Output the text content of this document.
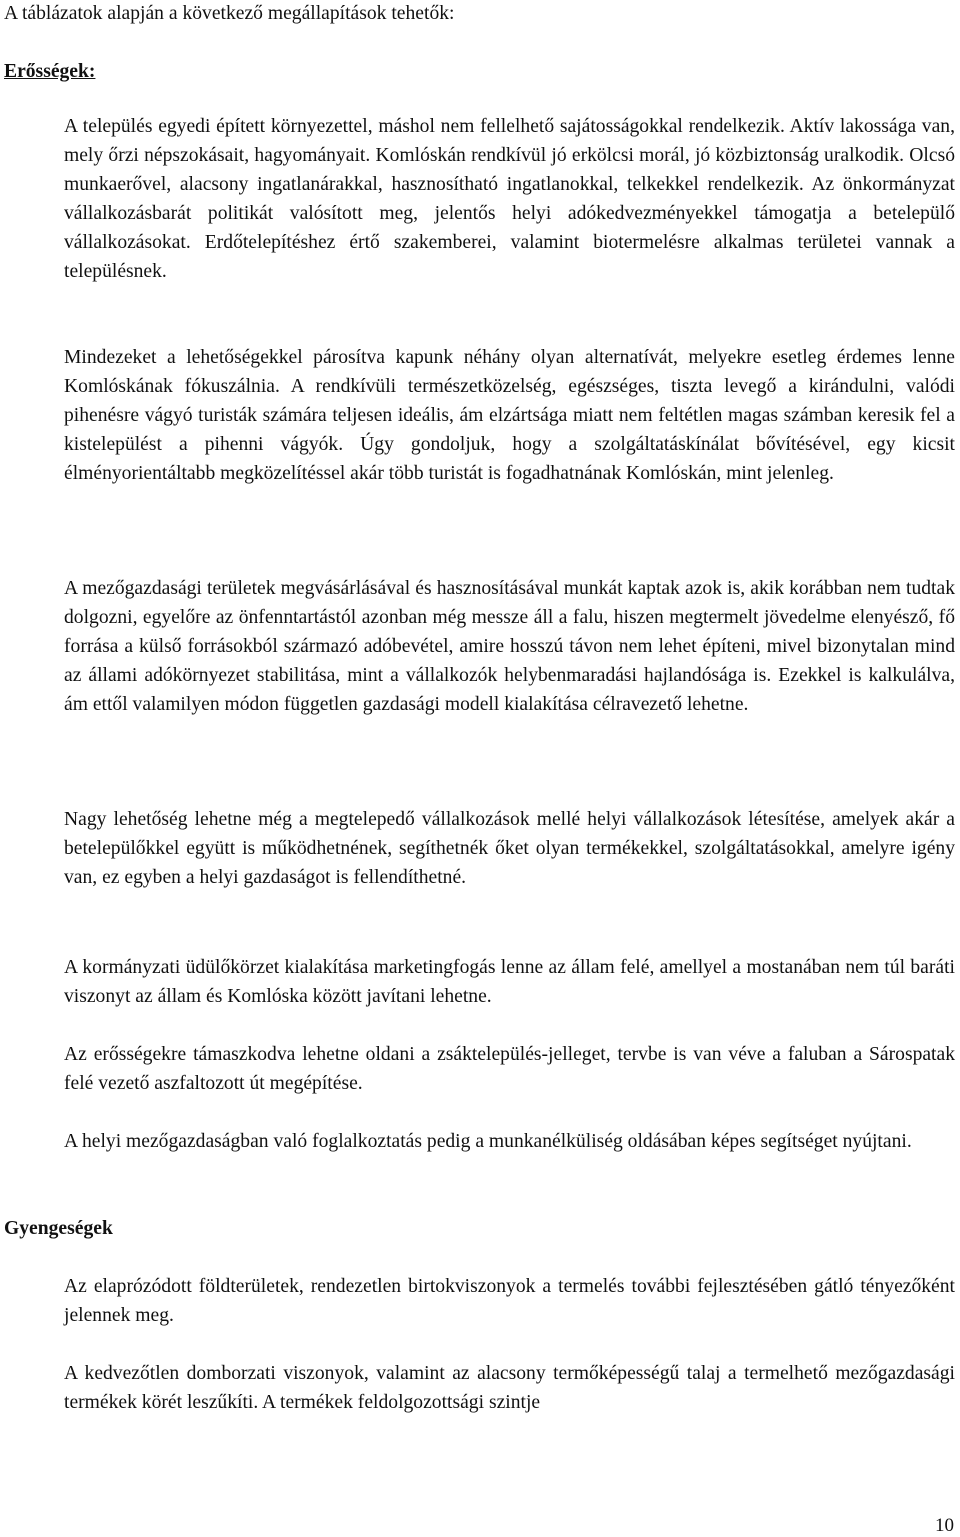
A táblázatok alapján a következő megállapítások tehetők:

Erősségek:

A település egyedi épített környezettel, máshol nem fellelhető sajátosságokkal rendelkezik. Aktív lakossága van, mely őrzi népszokásait, hagyományait. Komlóskán rendkívül jó erkölcsi morál, jó közbiztonság uralkodik. Olcsó munkaerővel, alacsony ingatlanárakkal, hasznosítható ingatlanokkal, telkekkel rendelkezik. Az önkormányzat vállalkozásbarát politikát valósított meg, jelentős helyi adókedvezményekkel támogatja a betelepülő vállalkozásokat. Erdőtelepítéshez értő szakemberei, valamint biotermelésre alkalmas területei vannak a településnek.

Mindezeket a lehetőségekkel párosítva kapunk néhány olyan alternatívát, melyekre esetleg érdemes lenne Komlóskának fókuszálnia. A rendkívüli természetközelség, egészséges, tiszta levegő a kirándulni, valódi pihenésre vágyó turisták számára teljesen ideális, ám elzártsága miatt nem feltétlen magas számban keresik fel a kistelepülést a pihenni vágyók. Úgy gondoljuk, hogy a szolgáltatáskínálat bővítésével, egy kicsit élményorientáltabb megközelítéssel akár több turistát is fogadhatnának Komlóskán, mint jelenleg.

A mezőgazdasági területek megvásárlásával és hasznosításával munkát kaptak azok is, akik korábban nem tudtak dolgozni, egyelőre az önfenntartástól azonban még messze áll a falu, hiszen megtermelt jövedelme elenyésző, fő forrása a külső forrásokból származó adóbevétel, amire hosszú távon nem lehet építeni, mivel bizonytalan mind az állami adókörnyezet stabilitása, mint a vállalkozók helybenmaradási hajlandósága is. Ezekkel is kalkulálva, ám ettől valamilyen módon független gazdasági modell kialakítása célravezető lehetne.

Nagy lehetőség lehetne még a megtelepedő vállalkozások mellé helyi vállalkozások létesítése, amelyek akár a betelepülőkkel együtt is működhetnének, segíthetnék őket olyan termékekkel, szolgáltatásokkal, amelyre igény van, ez egyben a helyi gazdaságot is fellendíthetné.

A kormányzati üdülőkörzet kialakítása marketingfogás lenne az állam felé, amellyel a mostanában nem túl baráti viszonyt az állam és Komlóska között javítani lehetne.

Az erősségekre támaszkodva lehetne oldani a zsáktelepülés-jelleget, tervbe is van véve a faluban a Sárospatak felé vezető aszfaltozott út megépítése.

A helyi mezőgazdaságban való foglalkoztatás pedig a munkanélküliség oldásában képes segítséget nyújtani.

Gyengeségek

Az elaprózódott földterületek, rendezetlen birtokviszonyok a termelés további fejlesztésében gátló tényezőként jelennek meg.

A kedvezőtlen domborzati viszonyok, valamint az alacsony termőképességű talaj a termelhető mezőgazdasági termékek körét leszűkíti. A termékek feldolgozottsági szintje

10
